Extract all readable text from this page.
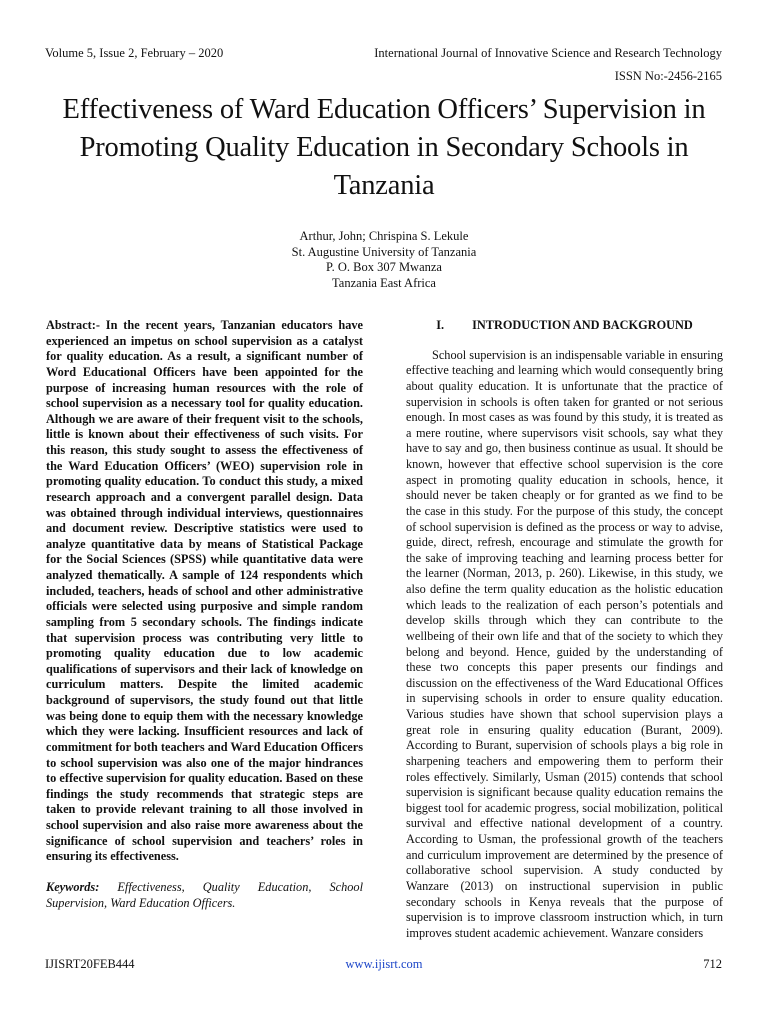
Volume 5, Issue 2, February – 2020	International Journal of Innovative Science and Research Technology
ISSN No:-2456-2165
Effectiveness of Ward Education Officers’ Supervision in Promoting Quality Education in Secondary Schools in Tanzania
Arthur, John; Chrispina S. Lekule
St. Augustine University of Tanzania
P. O. Box 307 Mwanza
Tanzania East Africa

Abstract:- In the recent years, Tanzanian educators have experienced an impetus on school supervision as a catalyst for quality education. As a result, a significant number of Word Educational Officers have been appointed for the purpose of increasing human resources with the role of school supervision as a necessary tool for quality education. Although we are aware of their frequent visit to the schools, little is known about their effectiveness of such visits. For this reason, this study sought to assess the effectiveness of the Ward Education Officers’ (WEO) supervision role in promoting quality education. To conduct this study, a mixed research approach and a convergent parallel design. Data was obtained through individual interviews, questionnaires and document review. Descriptive statistics were used to analyze quantitative data by means of Statistical Package for the Social Sciences (SPSS) while quantitative data were analyzed thematically. A sample of 124 respondents which included, teachers, heads of school and other administrative officials were selected using purposive and simple random sampling from 5 secondary schools. The findings indicate that supervision process was contributing very little to promoting quality education due to low academic qualifications of supervisors and their lack of knowledge on curriculum matters. Despite the limited academic background of supervisors, the study found out that little was being done to equip them with the necessary knowledge which they were lacking. Insufficient resources and lack of commitment for both teachers and Ward Education Officers to school supervision was also one of the major hindrances to effective supervision for quality education. Based on these findings the study recommends that strategic steps are taken to provide relevant training to all those involved in school supervision and also raise more awareness about the significance of school supervision and teachers’ roles in ensuring its effectiveness.

Keywords: Effectiveness, Quality Education, School Supervision, Ward Education Officers.

I. INTRODUCTION AND BACKGROUND

School supervision is an indispensable variable in ensuring effective teaching and learning which would consequently bring about quality education. It is unfortunate that the practice of supervision in schools is often taken for granted or not serious enough. In most cases as was found by this study, it is treated as a mere routine, where supervisors visit schools, say what they have to say and go, then business continue as usual. It should be known, however that effective school supervision is the core aspect in promoting quality education in schools, hence, it should never be taken cheaply or for granted as we find to be the case in this study. For the purpose of this study, the concept of school supervision is defined as the process or way to advise, guide, direct, refresh, encourage and stimulate the growth for the sake of improving teaching and learning process better for the learner (Norman, 2013, p. 260). Likewise, in this study, we also define the term quality education as the holistic education which leads to the realization of each person’s potentials and develop skills through which they can contribute to the wellbeing of their own life and that of the society to which they belong and beyond. Hence, guided by the understanding of these two concepts this paper presents our findings and discussion on the effectiveness of the Ward Educational Offices in supervising schools in order to ensure quality education. Various studies have shown that school supervision plays a great role in ensuring quality education (Burant, 2009). According to Burant, supervision of schools plays a big role in sharpening teachers and empowering them to perform their roles effectively. Similarly, Usman (2015) contends that school supervision is significant because quality education remains the biggest tool for academic progress, social mobilization, political survival and effective national development of a country. According to Usman, the professional growth of the teachers and curriculum improvement are determined by the presence of collaborative school supervision. A study conducted by Wanzare (2013) on instructional supervision in public secondary schools in Kenya reveals that the purpose of supervision is to improve classroom instruction which, in turn improves student academic achievement. Wanzare considers

IJISRT20FEB444	www.ijisrt.com	712
